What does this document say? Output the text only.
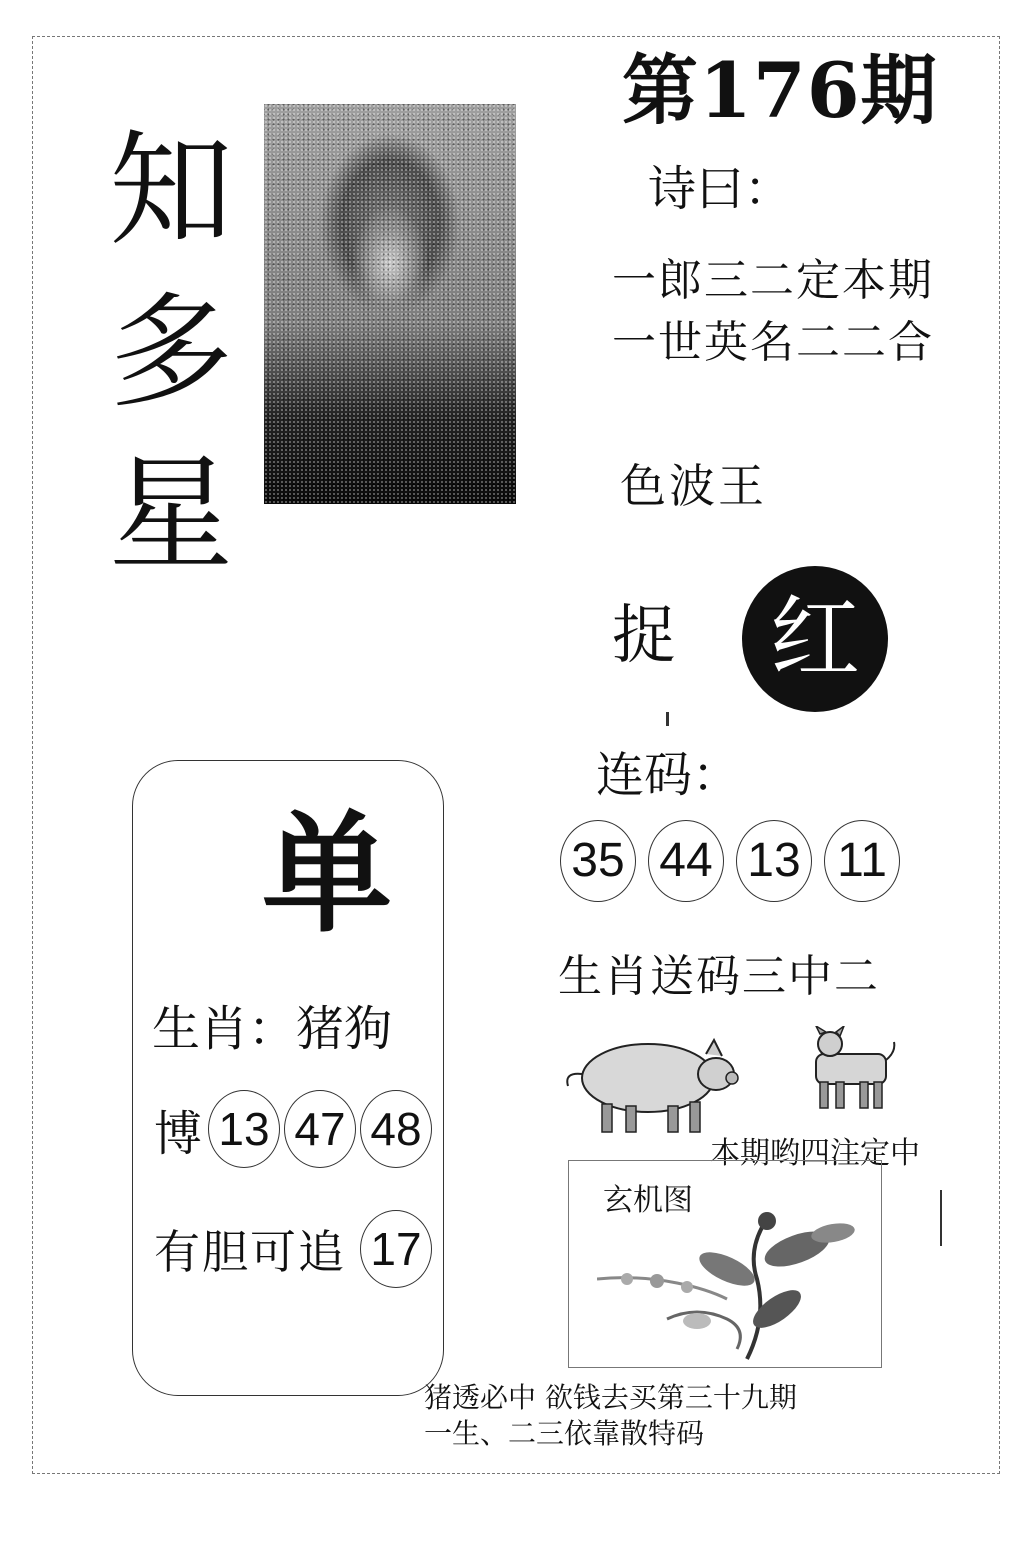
第176期
知
多
星
诗曰：
一郎三二定本期
一世英名二二合
色波王
捉	红
连码：
35 44 13 11
生肖送码三中二
本期哟四注定中
玄机图
单
生肖：猪狗
博 13 47 48
有胆可追 17
猪透必中 欲钱去买第三十九期
一生、二三依靠散特码
